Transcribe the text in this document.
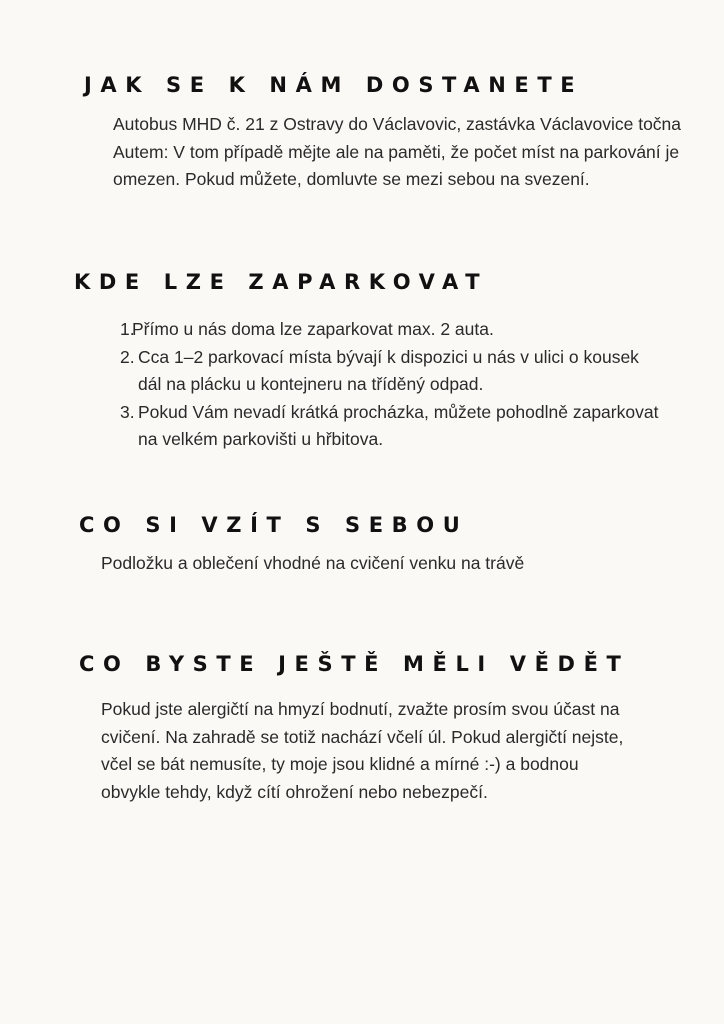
JAK SE K NÁM DOSTANETE

Autobus MHD č. 21 z Ostravy do Václavovic, zastávka Václavovice točna

Autem: V tom případě mějte ale na paměti, že počet míst na parkování je omezen. Pokud můžete, domluvte se mezi sebou na svezení.

KDE LZE ZAPARKOVAT
1.
Přímo u nás doma lze zaparkovat max. 2 auta.
2. Cca 1–2 parkovací místa bývají k dispozici u nás v ulici o kousek dál na plácku u kontejneru na tříděný odpad.
3. Pokud Vám nevadí krátká procházka, můžete pohodlně zaparkovat na velkém parkovišti u hřbitova.
CO SI VZÍT S SEBOU

Podložku a oblečení vhodné na cvičení venku na trávě

CO BYSTE JEŠTĚ MĚLI VĚDĚT

Pokud jste alergičtí na hmyzí bodnutí, zvažte prosím svou účast na cvičení. Na zahradě se totiž nachází včelí úl. Pokud alergičtí nejste, včel se bát nemusíte, ty moje jsou klidné a mírné :-) a bodnou obvykle tehdy, když cítí ohrožení nebo nebezpečí.
